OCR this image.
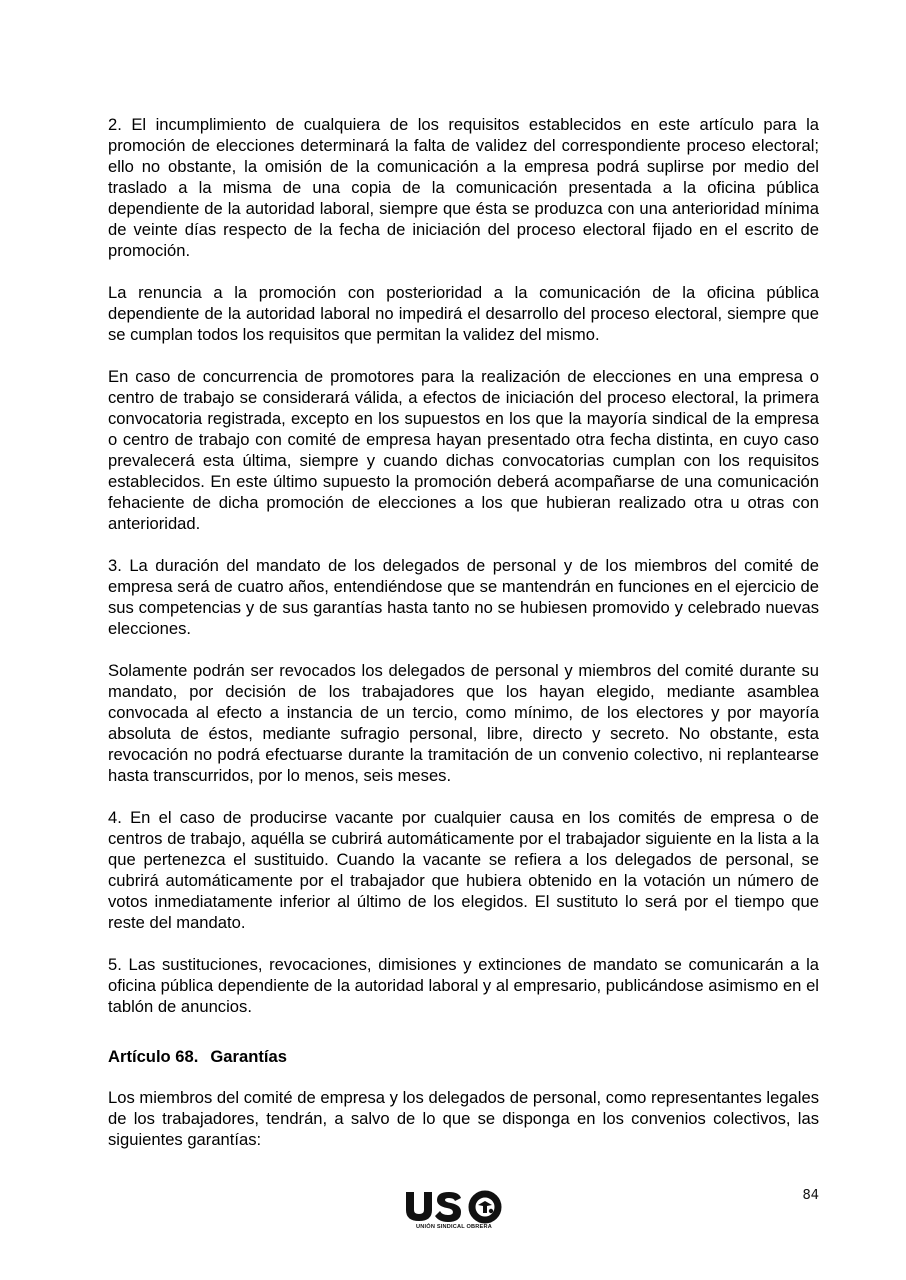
2. El incumplimiento de cualquiera de los requisitos establecidos en este artículo para la promoción de elecciones determinará la falta de validez del correspondiente proceso electoral; ello no obstante, la omisión de la comunicación a la empresa podrá suplirse por medio del traslado a la misma de una copia de la comunicación presentada a la oficina pública dependiente de la autoridad laboral, siempre que ésta se produzca con una anterioridad mínima de veinte días respecto de la fecha de iniciación del proceso electoral fijado en el escrito de promoción.

La renuncia a la promoción con posterioridad a la comunicación de la oficina pública dependiente de la autoridad laboral no impedirá el desarrollo del proceso electoral, siempre que se cumplan todos los requisitos que permitan la validez del mismo.

En caso de concurrencia de promotores para la realización de elecciones en una empresa o centro de trabajo se considerará válida, a efectos de iniciación del proceso electoral, la primera convocatoria registrada, excepto en los supuestos en los que la mayoría sindical de la empresa o centro de trabajo con comité de empresa hayan presentado otra fecha distinta, en cuyo caso prevalecerá esta última, siempre y cuando dichas convocatorias cumplan con los requisitos establecidos. En este último supuesto la promoción deberá acompañarse de una comunicación fehaciente de dicha promoción de elecciones a los que hubieran realizado otra u otras con anterioridad.

3. La duración del mandato de los delegados de personal y de los miembros del comité de empresa será de cuatro años, entendiéndose que se mantendrán en funciones en el ejercicio de sus competencias y de sus garantías hasta tanto no se hubiesen promovido y celebrado nuevas elecciones.

Solamente podrán ser revocados los delegados de personal y miembros del comité durante su mandato, por decisión de los trabajadores que los hayan elegido, mediante asamblea convocada al efecto a instancia de un tercio, como mínimo, de los electores y por mayoría absoluta de éstos, mediante sufragio personal, libre, directo y secreto. No obstante, esta revocación no podrá efectuarse durante la tramitación de un convenio colectivo, ni replantearse hasta transcurridos, por lo menos, seis meses.

4. En el caso de producirse vacante por cualquier causa en los comités de empresa o de centros de trabajo, aquélla se cubrirá automáticamente por el trabajador siguiente en la lista a la que pertenezca el sustituido. Cuando la vacante se refiera a los delegados de personal, se cubrirá automáticamente por el trabajador que hubiera obtenido en la votación un número de votos inmediatamente inferior al último de los elegidos. El sustituto lo será por el tiempo que reste del mandato.

5. Las sustituciones, revocaciones, dimisiones y extinciones de mandato se comunicarán a la oficina pública dependiente de la autoridad laboral y al empresario, publicándose asimismo en el tablón de anuncios.

Artículo 68. Garantías

Los miembros del comité de empresa y los delegados de personal, como representantes legales de los trabajadores, tendrán, a salvo de lo que se disponga en los convenios colectivos, las siguientes garantías:

84
UNIÓN SINDICAL OBRERA
